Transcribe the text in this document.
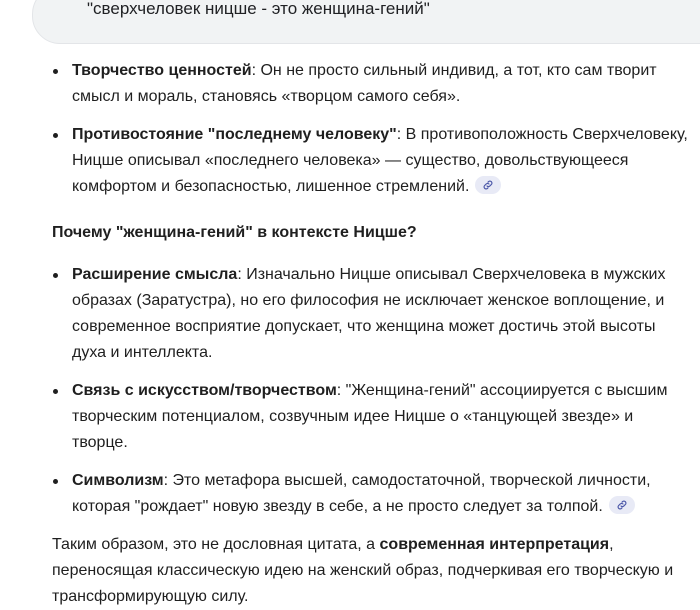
"сверхчеловек ницше - это женщина-гений"
Творчество ценностей: Он не просто сильный индивид, а тот, кто сам творит смысл и мораль, становясь «творцом самого себя».
Противостояние "последнему человеку": В противоположность Сверхчеловеку, Ницше описывал «последнего человека» — существо, довольствующееся комфортом и безопасностью, лишенное стремлений.
Почему "женщина-гений" в контексте Ницше?
Расширение смысла: Изначально Ницше описывал Сверхчеловека в мужских образах (Заратустра), но его философия не исключает женское воплощение, и современное восприятие допускает, что женщина может достичь этой высоты духа и интеллекта.
Связь с искусством/творчеством: "Женщина-гений" ассоциируется с высшим творческим потенциалом, созвучным идее Ницше о «танцующей звезде» и творце.
Символизм: Это метафора высшей, самодостаточной, творческой личности, которая "рождает" новую звезду в себе, а не просто следует за толпой.

Таким образом, это не дословная цитата, а современная интерпретация, переносящая классическую идею на женский образ, подчеркивая его творческую и трансформирующую силу.
